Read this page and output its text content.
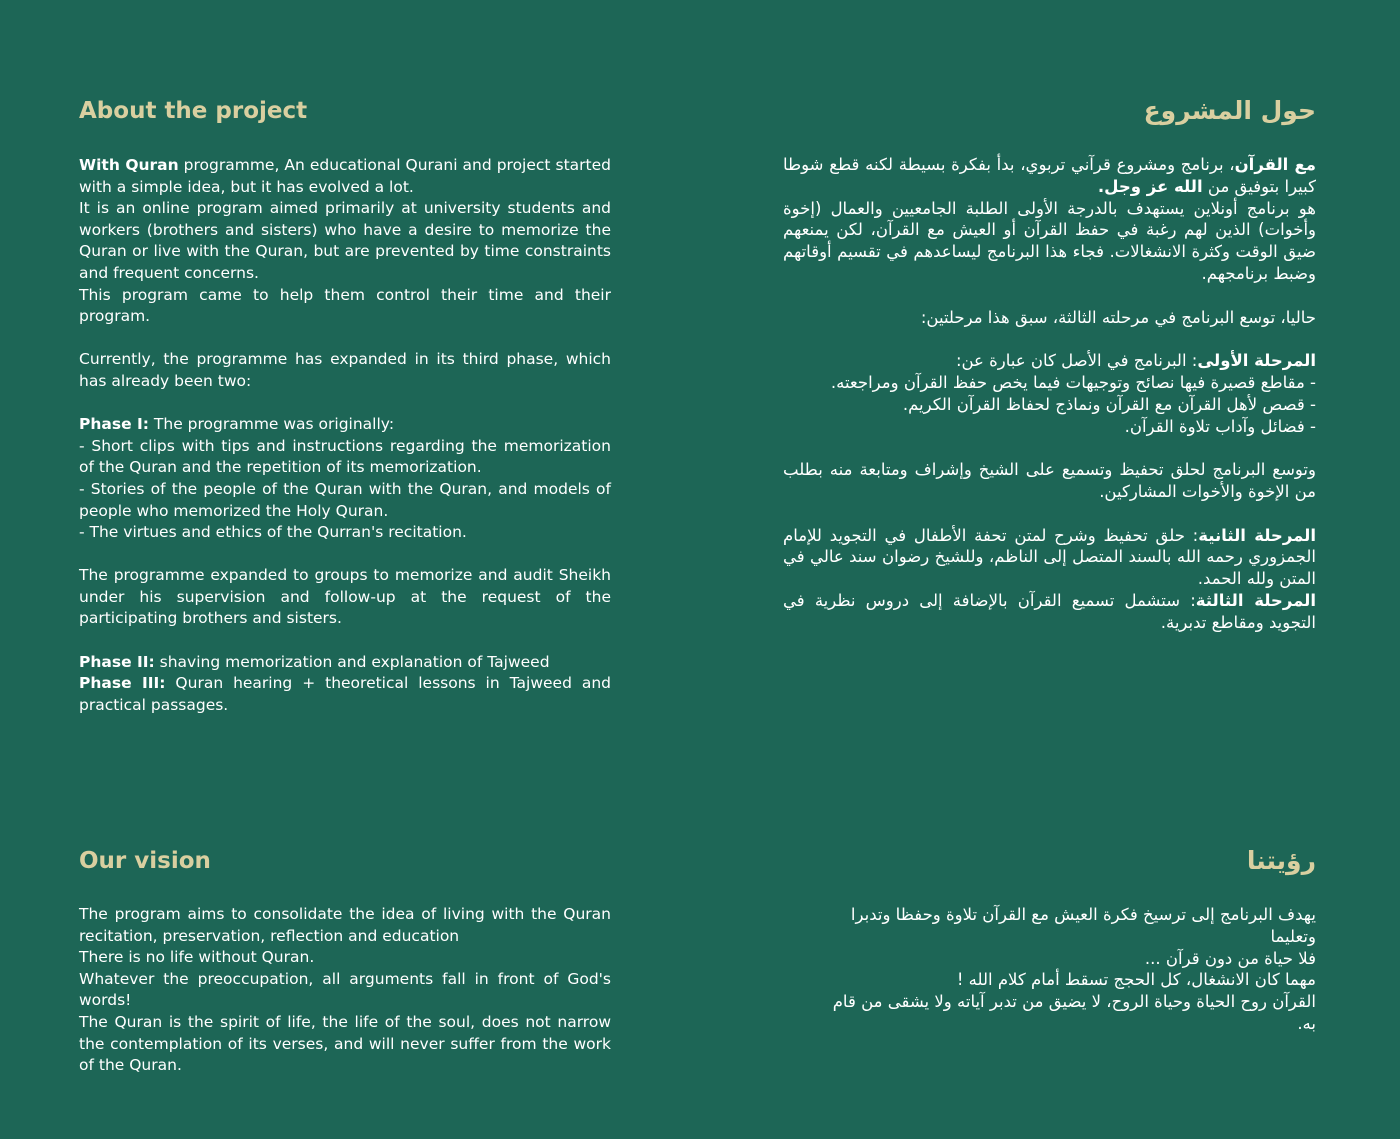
About the project

With Quran programme, An educational Qurani and project started with a simple idea, but it has evolved a lot.

It is an online program aimed primarily at university students and workers (brothers and sisters) who have a desire to memorize the Quran or live with the Quran, but are prevented by time constraints and frequent concerns.

This program came to help them control their time and their program.

Currently, the programme has expanded in its third phase, which has already been two:

Phase I: The programme was originally:

- Short clips with tips and instructions regarding the memorization of the Quran and the repetition of its memorization.

- Stories of the people of the Quran with the Quran, and models of people who memorized the Holy Quran.

- The virtues and ethics of the Qurran's recitation.

The programme expanded to groups to memorize and audit Sheikh under his supervision and follow-up at the request of the participating brothers and sisters.

Phase II: shaving memorization and explanation of Tajweed

Phase III: Quran hearing + theoretical lessons in Tajweed and practical passages.

حول المشروع

مع القرآن، برنامج ومشروع قرآني تربوي، بدأ بفكرة بسيطة لكنه قطع شوطا كبيرا بتوفيق من الله عز وجل.

هو برنامج أونلاين يستهدف بالدرجة الأولى الطلبة الجامعيين والعمال (إخوة وأخوات) الذين لهم رغبة في حفظ القرآن أو العيش مع القرآن، لكن يمنعهم ضيق الوقت وكثرة الانشغالات. فجاء هذا البرنامج ليساعدهم في تقسيم أوقاتهم وضبط برنامجهم.

حاليا، توسع البرنامج في مرحلته الثالثة، سبق هذا مرحلتين:

المرحلة الأولى: البرنامج في الأصل كان عبارة عن:

- مقاطع قصيرة فيها نصائح وتوجيهات فيما يخص حفظ القرآن ومراجعته.

- قصص لأهل القرآن مع القرآن ونماذج لحفاظ القرآن الكريم.

- فضائل وآداب تلاوة القرآن.

وتوسع البرنامج لحلق تحفيظ وتسميع على الشيخ وإشراف ومتابعة منه بطلب من الإخوة والأخوات المشاركين.

المرحلة الثانية: حلق تحفيظ وشرح لمتن تحفة الأطفال في التجويد للإمام الجمزوري رحمه الله بالسند المتصل إلى الناظم، وللشيخ رضوان سند عالي في المتن ولله الحمد.

المرحلة الثالثة: ستشمل تسميع القرآن بالإضافة إلى دروس نظرية في التجويد ومقاطع تدبرية.

Our vision

The program aims to consolidate the idea of living with the Quran recitation, preservation, reflection and education

There is no life without Quran.

Whatever the preoccupation, all arguments fall in front of God's words!

The Quran is the spirit of life, the life of the soul, does not narrow the contemplation of its verses, and will never suffer from the work of the Quran.

رؤيتنا

يهدف البرنامج إلى ترسيخ فكرة العيش مع القرآن تلاوة وحفظا وتدبرا وتعليما

فلا حياة من دون قرآن ...

مهما كان الانشغال، كل الحجج تسقط أمام كلام الله !

القرآن روح الحياة وحياة الروح، لا يضيق من تدبر آياته ولا يشقى من قام به.
